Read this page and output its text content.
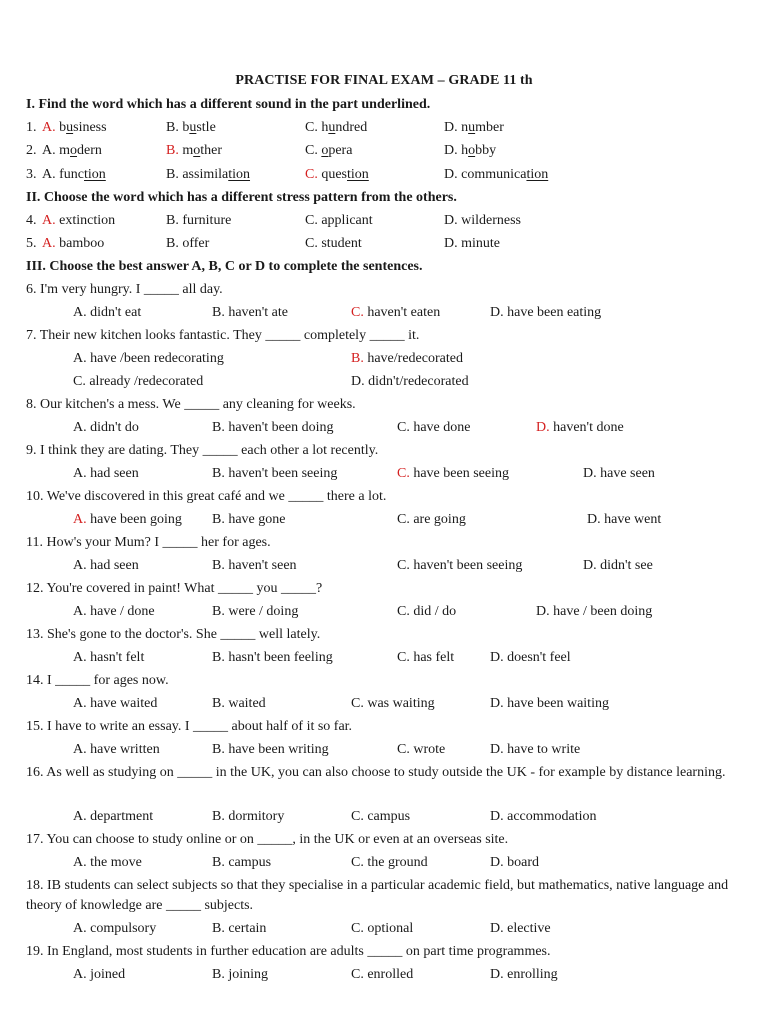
PRACTISE FOR FINAL EXAM – GRADE 11 th
I. Find the word which has a different sound in the part underlined.
1. A. business	B. bustle	C. hundred	D. number
2. A. modern	B. mother	C. opera	D. hobby
3. A. function	B. assimilation	C. question	D. communication
II. Choose the word which has a different stress pattern from the others.
4. A. extinction	B. furniture	C. applicant	D. wilderness
5. A. bamboo	B. offer	C. student	D. minute
III. Choose the best answer A, B, C or D to complete the sentences.
6. I'm very hungry. I _____ all day.
A. didn't eat	B. haven't ate	C. haven't eaten	D. have been eating
7. Their new kitchen looks fantastic. They _____ completely _____ it.
A. have /been redecorating	B. have/redecorated
C. already /redecorated	D. didn't/redecorated
8. Our kitchen's a mess. We _____ any cleaning for weeks.
A. didn't do	B. haven't been doing	C. have done	D. haven't done
9. I think they are dating. They _____ each other a lot recently.
A. had seen	B. haven't been seeing	C. have been seeing	D. have seen
10. We've discovered in this great café and we _____ there a lot.
A. have been going B. have gone	C. are going	D. have went
11. How's your Mum? I _____ her for ages.
A. had seen	B. haven't seen	C. haven't been seeing	D. didn't see
12. You're covered in paint! What _____ you _____?
A. have / done	B. were / doing	C. did / do	D. have / been doing
13. She's gone to the doctor's. She _____ well lately.
A. hasn't felt	B. hasn't been feeling	C. has felt	D. doesn't feel
14. I _____ for ages now.
A. have waited	B. waited	C. was waiting	D. have been waiting
15. I have to write an essay. I _____ about half of it so far.
A. have written	B. have been writing	C. wrote	D. have to write
16. As well as studying on _____ in the UK, you can also choose to study outside the UK - for example by distance learning.
A. department	B. dormitory	C. campus	D. accommodation
17. You can choose to study online or on _____, in the UK or even at an overseas site.
A. the move	B. campus	C. the ground	D. board
18. IB students can select subjects so that they specialise in a particular academic field, but mathematics, native language and theory of knowledge are _____ subjects.
A. compulsory	B. certain	C. optional	D. elective
19. In England, most students in further education are adults _____ on part time programmes.
A. joined	B. joining	C. enrolled	D. enrolling
